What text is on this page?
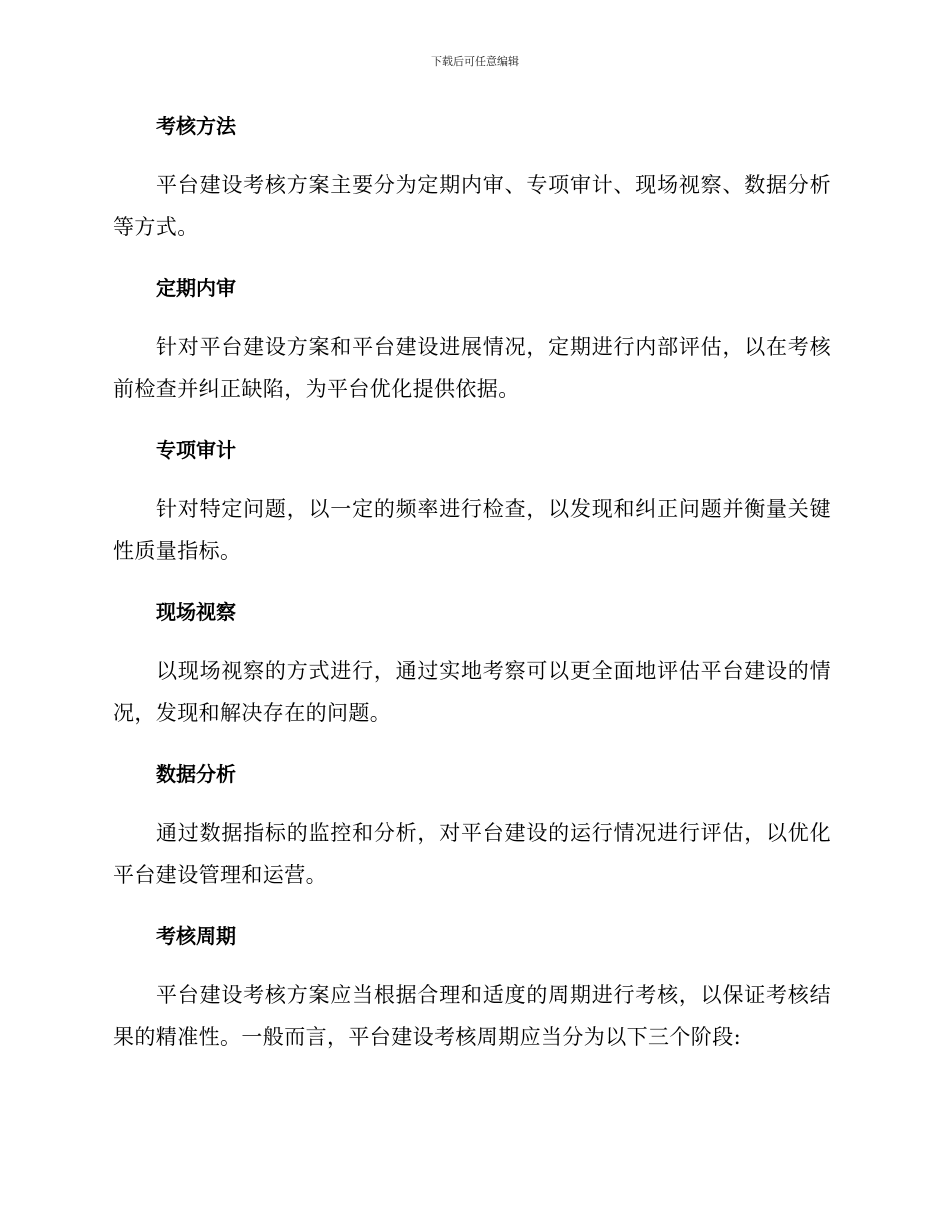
下载后可任意编辑
考核方法

平台建设考核方案主要分为定期内审、专项审计、现场视察、数据分析等方式。

定期内审

针对平台建设方案和平台建设进展情况，定期进行内部评估，以在考核前检查并纠正缺陷，为平台优化提供依据。

专项审计

针对特定问题，以一定的频率进行检查，以发现和纠正问题并衡量关键性质量指标。

现场视察

以现场视察的方式进行，通过实地考察可以更全面地评估平台建设的情况，发现和解决存在的问题。

数据分析

通过数据指标的监控和分析，对平台建设的运行情况进行评估，以优化平台建设管理和运营。

考核周期

平台建设考核方案应当根据合理和适度的周期进行考核，以保证考核结果的精准性。一般而言，平台建设考核周期应当分为以下三个阶段:
